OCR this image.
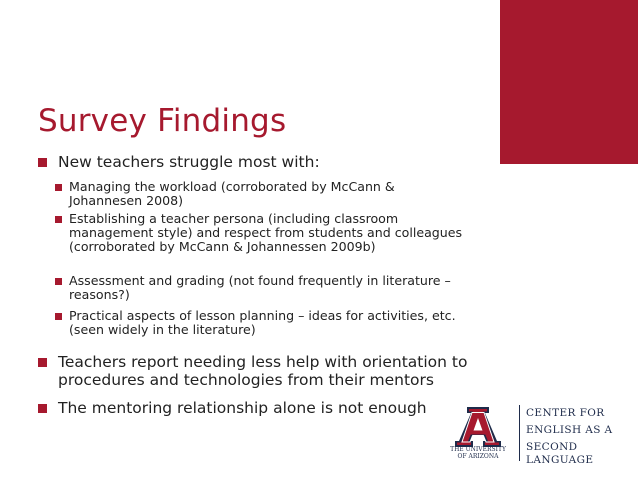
Survey Findings
New teachers struggle most with:
Managing the workload (corroborated by McCann & Johannesen 2008)
Establishing a teacher persona (including classroom management style) and respect from students and colleagues (corroborated by McCann & Johannessen 2009b)
Assessment and grading (not found frequently in literature – reasons?)
Practical aspects of lesson planning – ideas for activities, etc. (seen widely in the literature)
Teachers report needing less help with orientation to procedures and technologies from their mentors
The mentoring relationship alone is not enough
THE UNIVERSITY
OF ARIZONA
CENTER FOR
ENGLISH AS A
SECOND LANGUAGE
